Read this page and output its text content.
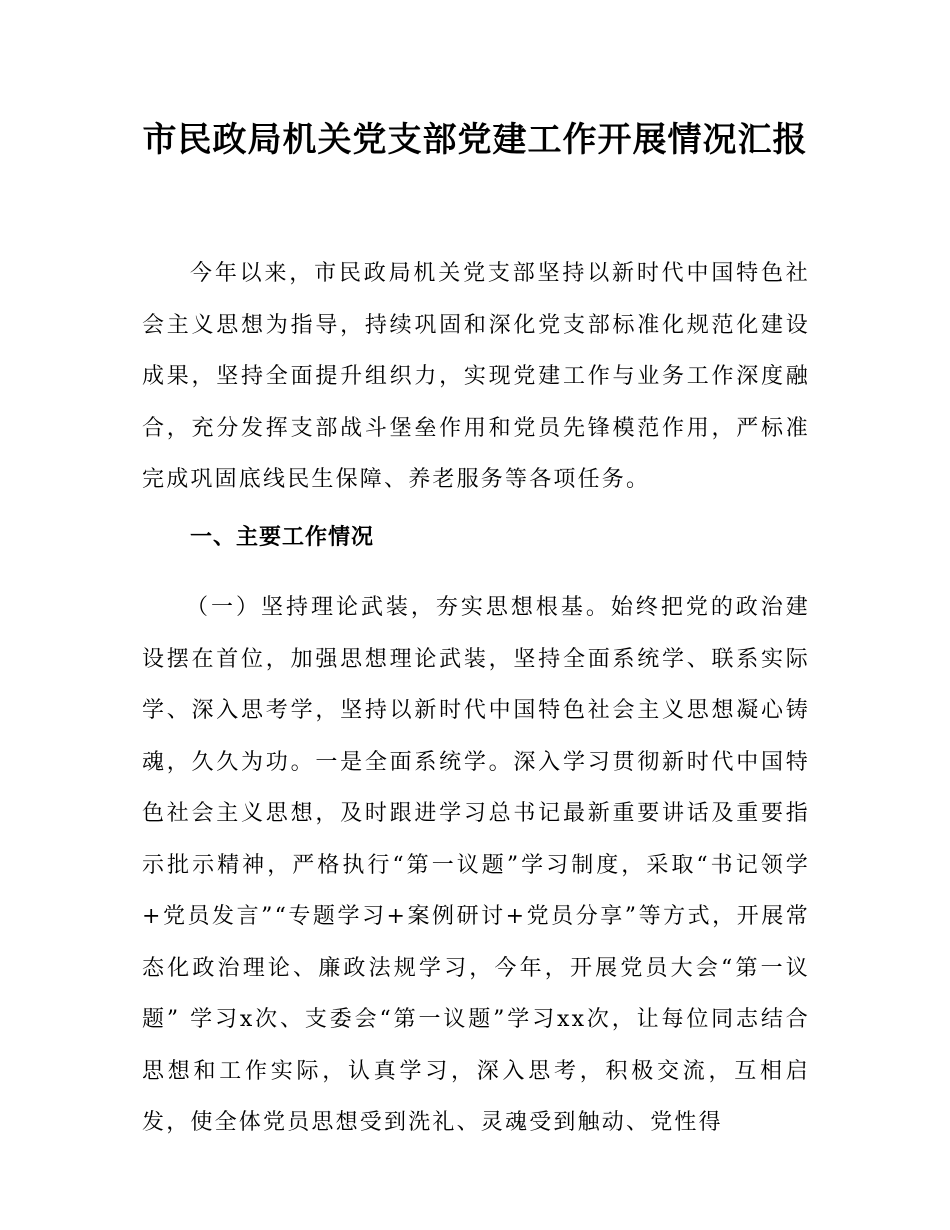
市民政局机关党支部党建工作开展情况汇报

今年以来，市民政局机关党支部坚持以新时代中国特色社会主义思想为指导，持续巩固和深化党支部标准化规范化建设成果，坚持全面提升组织力，实现党建工作与业务工作深度融合，充分发挥支部战斗堡垒作用和党员先锋模范作用，严标准完成巩固底线民生保障、养老服务等各项任务。

一、主要工作情况

（一）坚持理论武装，夯实思想根基。始终把党的政治建设摆在首位，加强思想理论武装，坚持全面系统学、联系实际学、深入思考学，坚持以新时代中国特色社会主义思想凝心铸魂，久久为功。一是全面系统学。深入学习贯彻新时代中国特色社会主义思想，及时跟进学习总书记最新重要讲话及重要指示批示精神，严格执行“第一议题”学习制度，采取“书记领学+党员发言”“专题学习+案例研讨+党员分享”等方式，开展常态化政治理论、廉政法规学习，今年，开展党员大会“第一议题” 学习x次、支委会“第一议题”学习xx次，让每位同志结合思想和工作实际，认真学习，深入思考，积极交流，互相启发，使全体党员思想受到洗礼、灵魂受到触动、党性得
